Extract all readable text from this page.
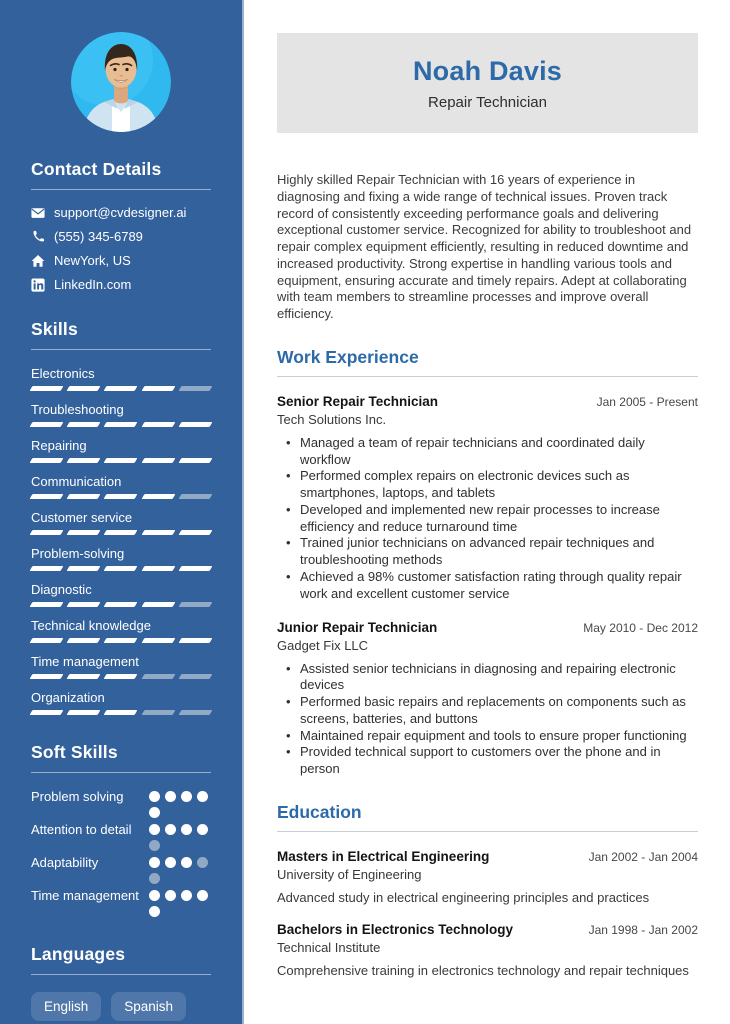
Contact Details
support@cvdesigner.ai
(555) 345-6789
NewYork, US
LinkedIn.com
Skills
Electronics
Troubleshooting
Repairing
Communication
Customer service
Problem-solving
Diagnostic
Technical knowledge
Time management
Organization
Soft Skills
Problem solving
Attention to detail
Adaptability
Time management
Languages
English	Spanish
Noah Davis
Repair Technician

Highly skilled Repair Technician with 16 years of experience in diagnosing and fixing a wide range of technical issues. Proven track record of consistently exceeding performance goals and delivering exceptional customer service. Recognized for ability to troubleshoot and repair complex equipment efficiently, resulting in reduced downtime and increased productivity. Strong expertise in handling various tools and equipment, ensuring accurate and timely repairs. Adept at collaborating with team members to streamline processes and improve overall efficiency.

Work Experience
Senior Repair Technician	Jan 2005 - Present
Tech Solutions Inc.
• Managed a team of repair technicians and coordinated daily workflow
• Performed complex repairs on electronic devices such as smartphones, laptops, and tablets
• Developed and implemented new repair processes to increase efficiency and reduce turnaround time
• Trained junior technicians on advanced repair techniques and troubleshooting methods
• Achieved a 98% customer satisfaction rating through quality repair work and excellent customer service
Junior Repair Technician	May 2010 - Dec 2012
Gadget Fix LLC
• Assisted senior technicians in diagnosing and repairing electronic devices
• Performed basic repairs and replacements on components such as screens, batteries, and buttons
• Maintained repair equipment and tools to ensure proper functioning
• Provided technical support to customers over the phone and in person
Education
Masters in Electrical Engineering	Jan 2002 - Jan 2004
University of Engineering
Advanced study in electrical engineering principles and practices
Bachelors in Electronics Technology	Jan 1998 - Jan 2002
Technical Institute
Comprehensive training in electronics technology and repair techniques
